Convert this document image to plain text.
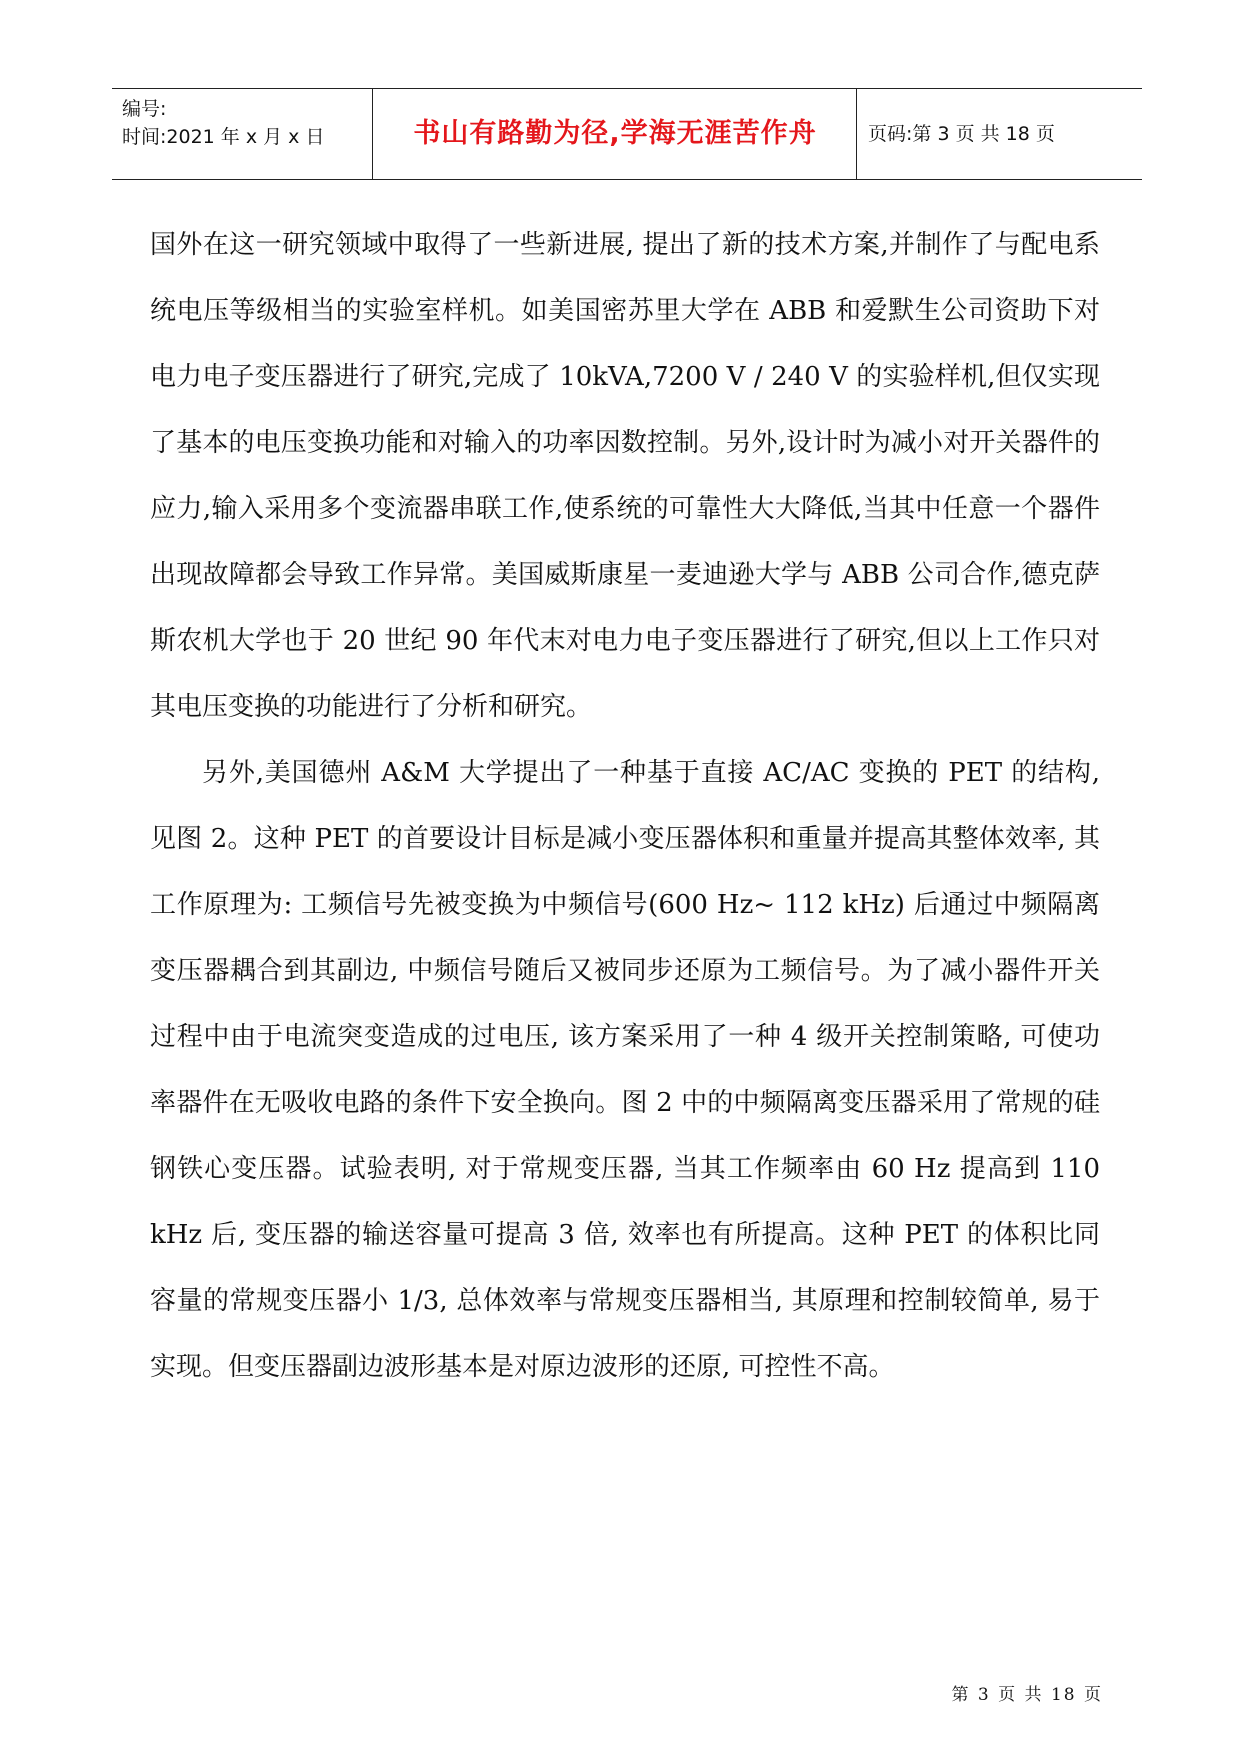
编号:
时间:2021 年 x 月 x 日	书山有路勤为径,学海无涯苦作舟	页码:第 3 页 共 18 页

国外在这一研究领域中取得了一些新进展, 提出了新的技术方案,并制作了与配电系统电压等级相当的实验室样机。如美国密苏里大学在 ABB 和爱默生公司资助下对电力电子变压器进行了研究,完成了 10kVA,7200 V / 240 V 的实验样机,但仅实现了基本的电压变换功能和对输入的功率因数控制。另外,设计时为减小对开关器件的应力,输入采用多个变流器串联工作,使系统的可靠性大大降低,当其中任意一个器件出现故障都会导致工作异常。美国威斯康星一麦迪逊大学与 ABB 公司合作,德克萨斯农机大学也于 20 世纪 90 年代末对电力电子变压器进行了研究,但以上工作只对其电压变换的功能进行了分析和研究。

另外,美国德州 A&M 大学提出了一种基于直接 AC/AC 变换的 PET 的结构, 见图 2。这种 PET 的首要设计目标是减小变压器体积和重量并提高其整体效率, 其工作原理为: 工频信号先被变换为中频信号(600 Hz~ 112 kHz) 后通过中频隔离变压器耦合到其副边, 中频信号随后又被同步还原为工频信号。为了减小器件开关过程中由于电流突变造成的过电压, 该方案采用了一种 4 级开关控制策略, 可使功率器件在无吸收电路的条件下安全换向。图 2 中的中频隔离变压器采用了常规的硅钢铁心变压器。试验表明, 对于常规变压器, 当其工作频率由 60 Hz 提高到 110 kHz 后, 变压器的输送容量可提高 3 倍, 效率也有所提高。这种 PET 的体积比同容量的常规变压器小 1/3, 总体效率与常规变压器相当, 其原理和控制较简单, 易于实现。但变压器副边波形基本是对原边波形的还原, 可控性不高。

第 3 页 共 18 页
